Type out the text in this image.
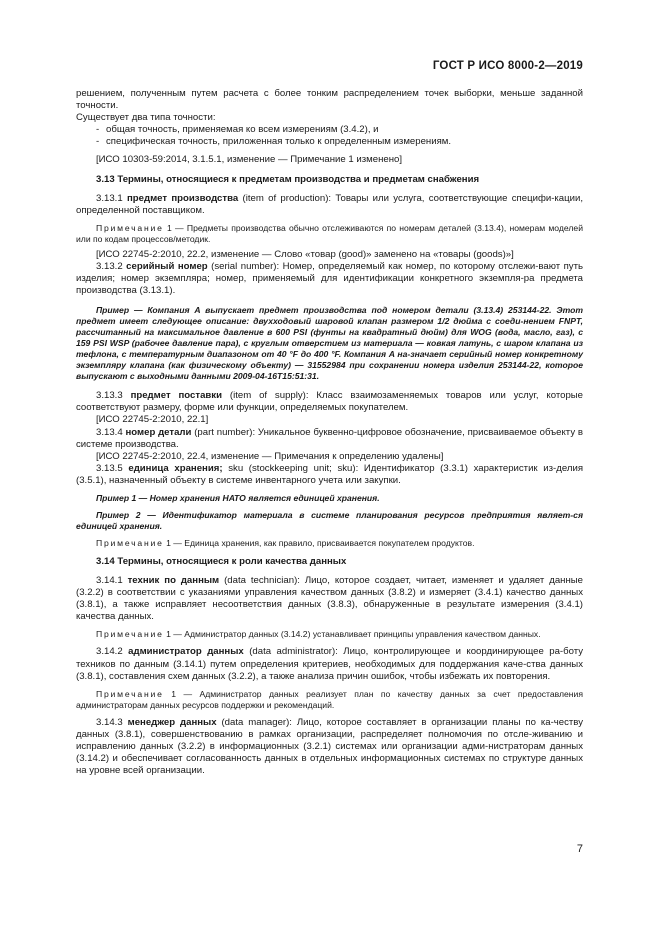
ГОСТ Р ИСО 8000-2—2019

решением, полученным путем расчета с более тонким распределением точек выборки, меньше заданной точности.

Существует два типа точности:

- общая точность, применяемая ко всем измерениям (3.4.2), и

- специфическая точность, приложенная только к определенным измерениям.

[ИСО 10303-59:2014, 3.1.5.1, изменение — Примечание 1 изменено]

3.13 Термины, относящиеся к предметам производства и предметам снабжения

3.13.1 предмет производства (item of production): Товары или услуга, соответствующие специфи-кации, определенной поставщиком.

Примечание 1 — Предметы производства обычно отслеживаются по номерам деталей (3.13.4), номерам моделей или по кодам процессов/методик.

[ИСО 22745-2:2010, 22.2, изменение — Слово «товар (good)» заменено на «товары (goods)»]

3.13.2 серийный номер (serial number): Номер, определяемый как номер, по которому отслежи-вают путь изделия; номер экземпляра; номер, применяемый для идентификации конкретного экземпля-ра предмета производства (3.13.1).

Пример — Компания A выпускает предмет производства под номером детали (3.13.4) 253144-22. Этот предмет имеет следующее описание: двухходовый шаровой клапан размером 1/2 дюйма с соеди-нением FNPT, рассчитанный на максимальное давление в 600 PSI (фунты на квадратный дюйм) для WOG (вода, масло, газ), с 159 PSI WSP (рабочее давление пара), с круглым отверстием из материала — ковкая латунь, с шаром клапана из тефлона, с температурным диапазоном от 40 °F до 400 °F. Компания A на-значает серийный номер конкретному экземпляру клапана (как физическому объекту) — 31552984 при сохранении номера изделия 253144-22, которое выпускают с выходными данными 2009-04-16T15:51:31.

3.13.3 предмет поставки (item of supply): Класс взаимозаменяемых товаров или услуг, которые соответствуют размеру, форме или функции, определяемых покупателем.

[ИСО 22745-2:2010, 22.1]

3.13.4 номер детали (part number): Уникальное буквенно-цифровое обозначение, присваиваемое объекту в системе производства.

[ИСО 22745-2:2010, 22.4, изменение — Примечания к определению удалены]

3.13.5 единица хранения; sku (stockkeeping unit; sku): Идентификатор (3.3.1) характеристик из-делия (3.5.1), назначенный объекту в системе инвентарного учета или закупки.

Пример 1 — Номер хранения НАТО является единицей хранения.

Пример 2 — Идентификатор материала в системе планирования ресурсов предприятия являет-ся единицей хранения.

Примечание 1 — Единица хранения, как правило, присваивается покупателем продуктов.

3.14 Термины, относящиеся к роли качества данных

3.14.1 техник по данным (data technician): Лицо, которое создает, читает, изменяет и удаляет данные (3.2.2) в соответствии с указаниями управления качеством данных (3.8.2) и измеряет (3.4.1) качество данных (3.8.1), а также исправляет несоответствия данных (3.8.3), обнаруженные в результате измерения (3.4.1) качества данных.

Примечание 1 — Администратор данных (3.14.2) устанавливает принципы управления качеством данных.

3.14.2 администратор данных (data administrator): Лицо, контролирующее и координирующее ра-боту техников по данным (3.14.1) путем определения критериев, необходимых для поддержания каче-ства данных (3.8.1), составления схем данных (3.2.2), а также анализа причин ошибок, чтобы избежать их повторения.

Примечание 1 — Администратор данных реализует план по качеству данных за счет предоставления администраторам данных ресурсов поддержки и рекомендаций.

3.14.3 менеджер данных (data manager): Лицо, которое составляет в организации планы по ка-честву данных (3.8.1), совершенствованию в рамках организации, распределяет полномочия по отсле-живанию и исправлению данных (3.2.2) в информационных (3.2.1) системах или организации адми-нистраторам данных (3.14.2) и обеспечивает согласованность данных в отдельных информационных системах по структуре данных на уровне всей организации.

7
